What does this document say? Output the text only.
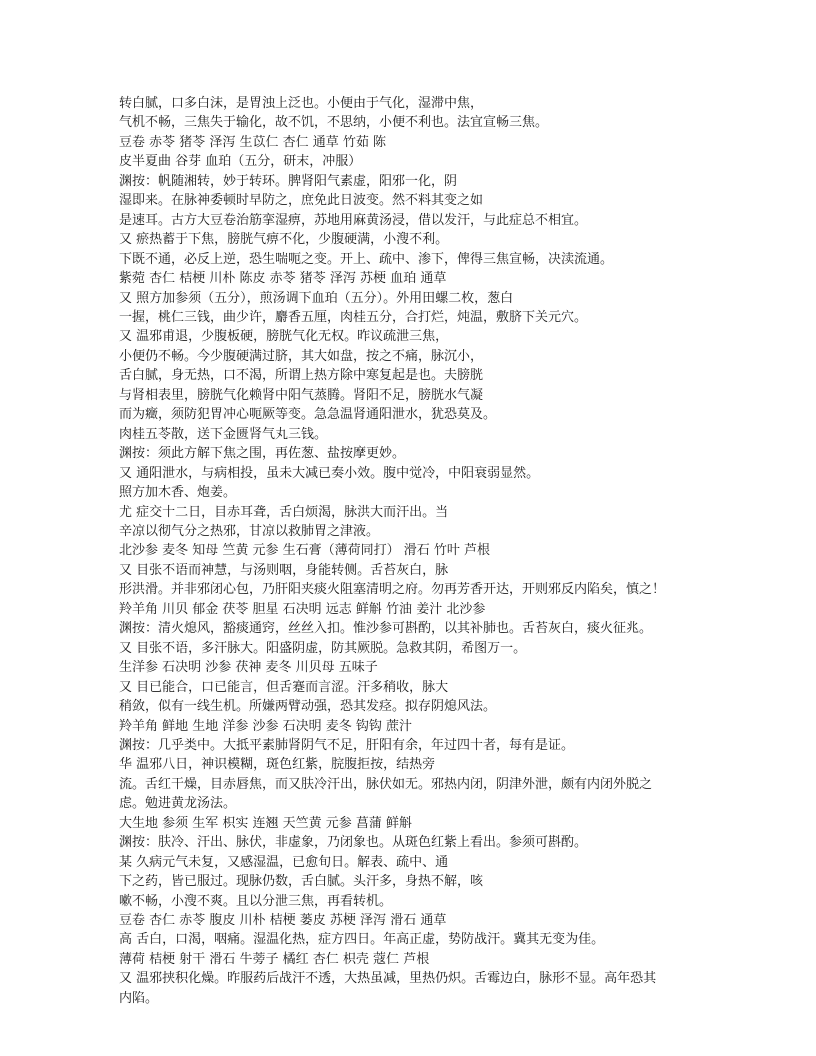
转白腻，口多白沫，是胃浊上泛也。小便由于气化，湿滞中焦，
气机不畅，三焦失于输化，故不饥，不思纳，小便不利也。法宜宣畅三焦。
豆卷 赤苓 猪苓 泽泻 生苡仁 杏仁 通草 竹茹 陈
皮半夏曲 谷芽 血珀（五分，研末，冲服）
渊按：帆随湘转，妙于转环。脾肾阳气素虚，阳邪一化，阴
湿即来。在脉神委顿时早防之，庶免此日波变。然不料其变之如
是速耳。古方大豆卷治筋挛湿痹，苏地用麻黄汤浸，借以发汗，与此症总不相宜。
又 瘀热蓄于下焦，膀胱气痹不化，少腹硬满，小溲不利。
下既不通，必反上逆，恐生喘呃之变。开上、疏中、渗下，俾得三焦宣畅，决渎流通。
紫菀 杏仁 桔梗 川朴 陈皮 赤苓 猪苓 泽泻 苏梗 血珀 通草
又 照方加参须（五分），煎汤调下血珀（五分）。外用田螺二枚，葱白
一握，桃仁三钱，曲少许，麝香五厘，肉桂五分，合打烂，炖温，敷脐下关元穴。
又 温邪甫退，少腹板硬，膀胱气化无权。昨议疏泄三焦，
小便仍不畅。今少腹硬满过脐，其大如盘，按之不痛，脉沉小，
舌白腻，身无热，口不渴，所谓上热方除中寒复起是也。夫膀胱
与肾相表里，膀胱气化赖肾中阳气蒸腾。肾阳不足，膀胱水气凝
而为癥，须防犯胃冲心呃厥等变。急急温肾通阳泄水，犹恐莫及。
肉桂五苓散，送下金匮肾气丸三钱。
渊按：须此方解下焦之围，再佐葱、盐按摩更妙。
又 通阳泄水，与病相投，虽未大减已奏小效。腹中觉冷，中阳衰弱显然。
照方加木香、炮姜。
尤 症交十二日，目赤耳聋，舌白烦渴，脉洪大而汗出。当
辛凉以彻气分之热邪，甘凉以救肺胃之津液。
北沙参 麦冬 知母 竺黄 元参 生石膏（薄荷同打） 滑石 竹叶 芦根
又 目张不语而神慧，与汤则咽，身能转侧。舌苔灰白，脉
形洪滑。并非邪闭心包，乃肝阳夹痰火阻塞清明之府。勿再芳香开达，开则邪反内陷矣，慎之！
羚羊角 川贝 郁金 茯苓 胆星 石决明 远志 鲜斛 竹油 姜汁 北沙参
渊按：清火熄风，豁痰通窍，丝丝入扣。惟沙参可斟酌，以其补肺也。舌苔灰白，痰火征兆。
又 目张不语，多汗脉大。阳盛阴虚，防其厥脱。急救其阴，希图万一。
生洋参 石决明 沙参 茯神 麦冬 川贝母 五味子
又 目已能合，口已能言，但舌蹇而言涩。汗多稍收，脉大
稍敛，似有一线生机。所嫌两臂动强，恐其发痉。拟存阴熄风法。
羚羊角 鲜地 生地 洋参 沙参 石决明 麦冬 钩钩 蔗汁
渊按：几乎类中。大抵平素肺肾阴气不足，肝阳有余，年过四十者，每有是证。
华 温邪八日，神识模糊，斑色红紫，脘腹拒按，结热旁
流。舌红干燥，目赤唇焦，而又肤冷汗出，脉伏如无。邪热内闭，阴津外泄，颇有内闭外脱之
虑。勉进黄龙汤法。
大生地 参须 生军 枳实 连翘 天竺黄 元参 菖蒲 鲜斛
渊按：肤冷、汗出、脉伏，非虚象，乃闭象也。从斑色红紫上看出。参须可斟酌。
某 久病元气未复，又感湿温，已愈旬日。解表、疏中、通
下之药，皆已服过。现脉仍数，舌白腻。头汗多，身热不解，咳
嗽不畅，小溲不爽。且以分泄三焦，再看转机。
豆卷 杏仁 赤苓 腹皮 川朴 桔梗 蒌皮 苏梗 泽泻 滑石 通草
高 舌白，口渴，咽痛。湿温化热，症方四日。年高正虚，势防战汗。冀其无变为佳。
薄荷 桔梗 射干 滑石 牛蒡子 橘红 杏仁 枳壳 蔻仁 芦根
又 温邪挟积化燥。昨服药后战汗不透，大热虽减，里热仍炽。舌霉边白，脉形不显。高年恐其
内陷。
